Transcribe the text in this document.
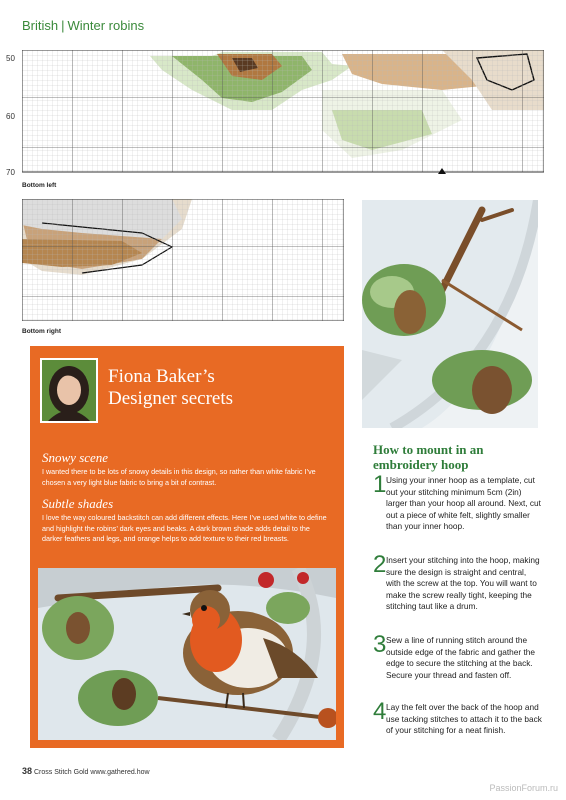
British | Winter robins
50
60
70
Bottom left
Bottom right
Fiona Baker’s
Designer secrets
Snowy scene
I wanted there to be lots of snowy details in this design, so rather than white fabric I’ve chosen a very light blue fabric to bring a bit of contrast.
Subtle shades
I love the way coloured backstitch can add different effects. Here I’ve used white to define and highlight the robins’ dark eyes and beaks. A dark brown shade adds detail to the darker feathers and legs, and orange helps to add texture to their red breasts.
How to mount in an
embroidery hoop
1 Using your inner hoop as a template, cut out your stitching minimum 5cm (2in) larger than your hoop all around. Next, cut out a piece of white felt, slightly smaller than your inner hoop.
2 Insert your stitching into the hoop, making sure the design is straight and central, with the screw at the top. You will want to make the screw really tight, keeping the stitching taut like a drum.
3 Sew a line of running stitch around the outside edge of the fabric and gather the edge to secure the stitching at the back. Secure your thread and fasten off.
4 Lay the felt over the back of the hoop and use tacking stitches to attach it to the back of your stitching for a neat finish.
38 Cross Stitch Gold www.gathered.how
PassionForum.ru
